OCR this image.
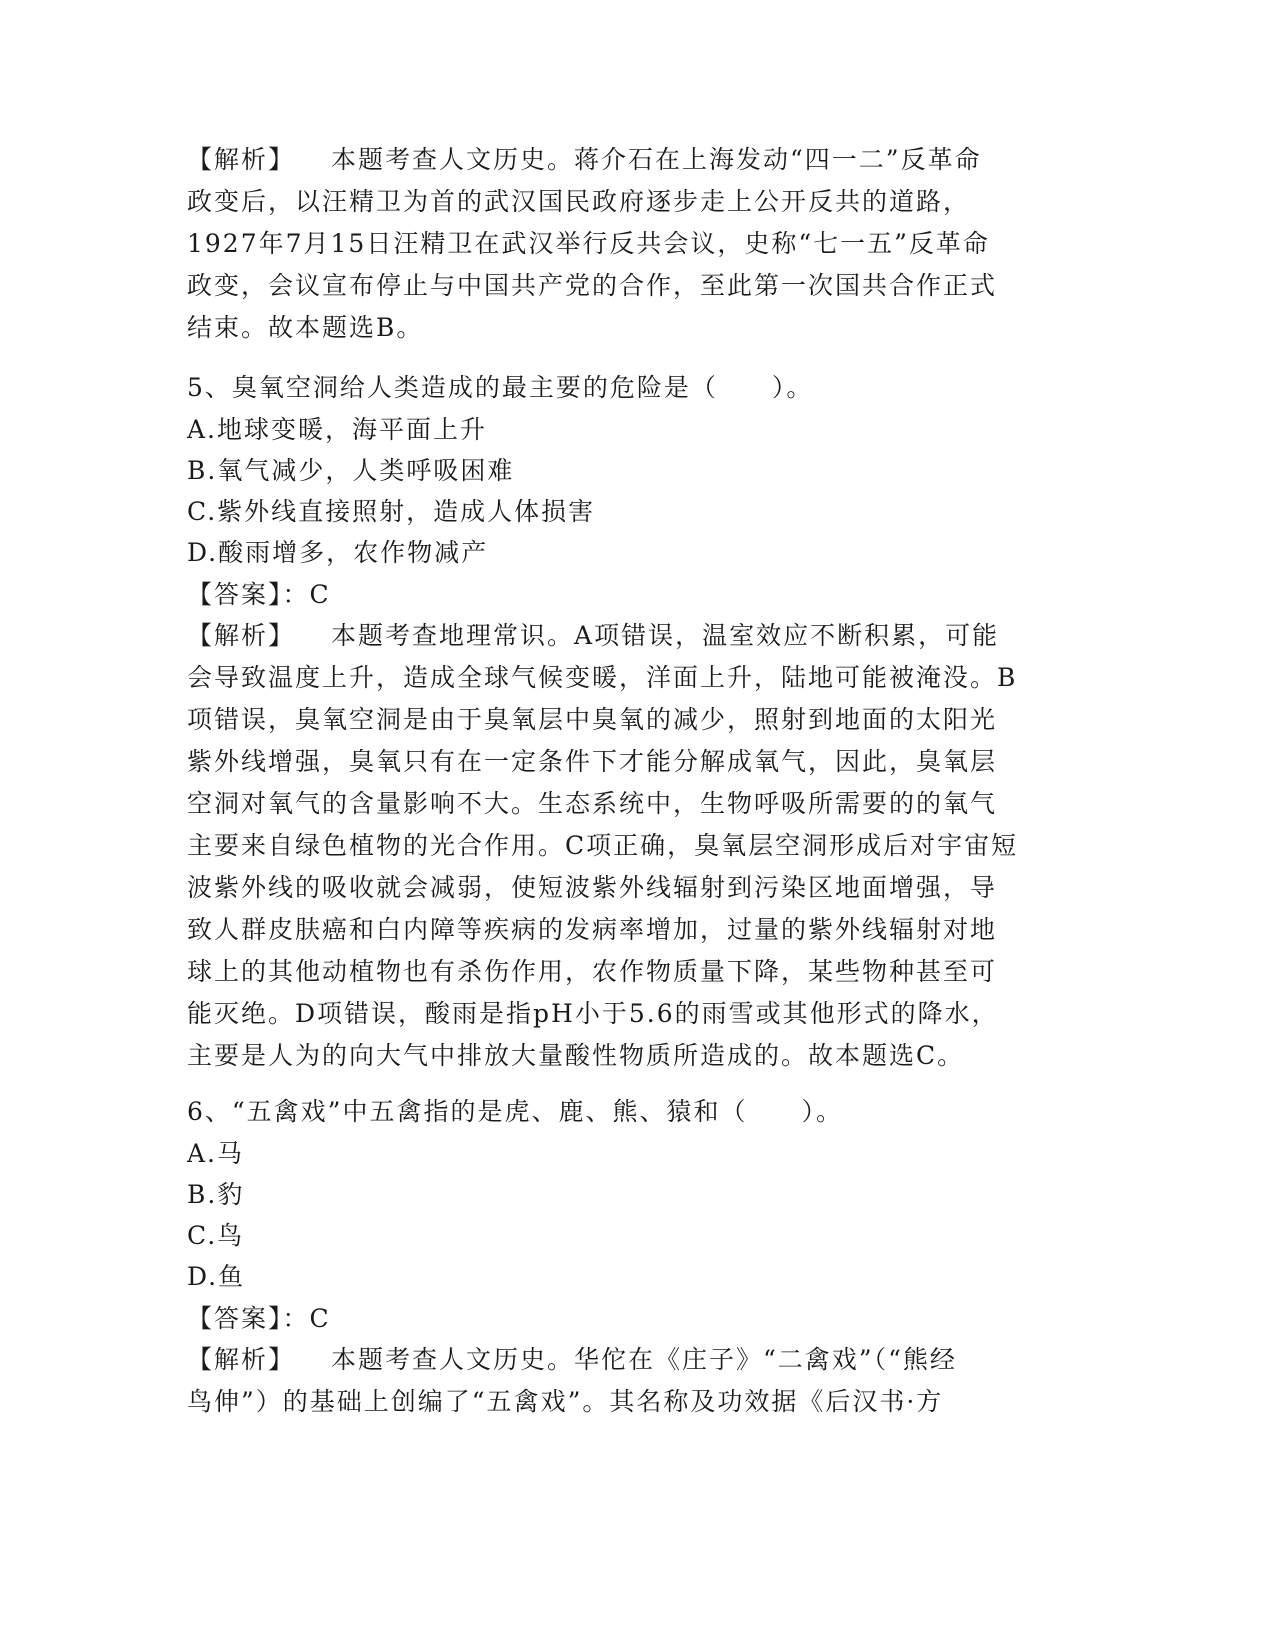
【解析】 本题考查人文历史。蒋介石在上海发动“四一二”反革命
政变后，以汪精卫为首的武汉国民政府逐步走上公开反共的道路，
1927年7月15日汪精卫在武汉举行反共会议，史称“七一五”反革命
政变，会议宣布停止与中国共产党的合作，至此第一次国共合作正式
结束。故本题选B。
5、臭氧空洞给人类造成的最主要的危险是（　　）。
A.地球变暖，海平面上升
B.氧气减少，人类呼吸困难
C.紫外线直接照射，造成人体损害
D.酸雨增多，农作物减产
【答案】：C
【解析】 本题考查地理常识。A项错误，温室效应不断积累，可能
会导致温度上升，造成全球气候变暖，洋面上升，陆地可能被淹没。B
项错误，臭氧空洞是由于臭氧层中臭氧的减少，照射到地面的太阳光
紫外线增强，臭氧只有在一定条件下才能分解成氧气，因此，臭氧层
空洞对氧气的含量影响不大。生态系统中，生物呼吸所需要的的氧气
主要来自绿色植物的光合作用。C项正确，臭氧层空洞形成后对宇宙短
波紫外线的吸收就会减弱，使短波紫外线辐射到污染区地面增强，导
致人群皮肤癌和白内障等疾病的发病率增加，过量的紫外线辐射对地
球上的其他动植物也有杀伤作用，农作物质量下降，某些物种甚至可
能灭绝。D项错误，酸雨是指pH小于5.6的雨雪或其他形式的降水，
主要是人为的向大气中排放大量酸性物质所造成的。故本题选C。
6、“五禽戏”中五禽指的是虎、鹿、熊、猿和（　　）。
A.马
B.豹
C.鸟
D.鱼
【答案】：C
【解析】 本题考查人文历史。华佗在《庄子》“二禽戏”（“熊经
鸟伸”）的基础上创编了“五禽戏”。其名称及功效据《后汉书·方
